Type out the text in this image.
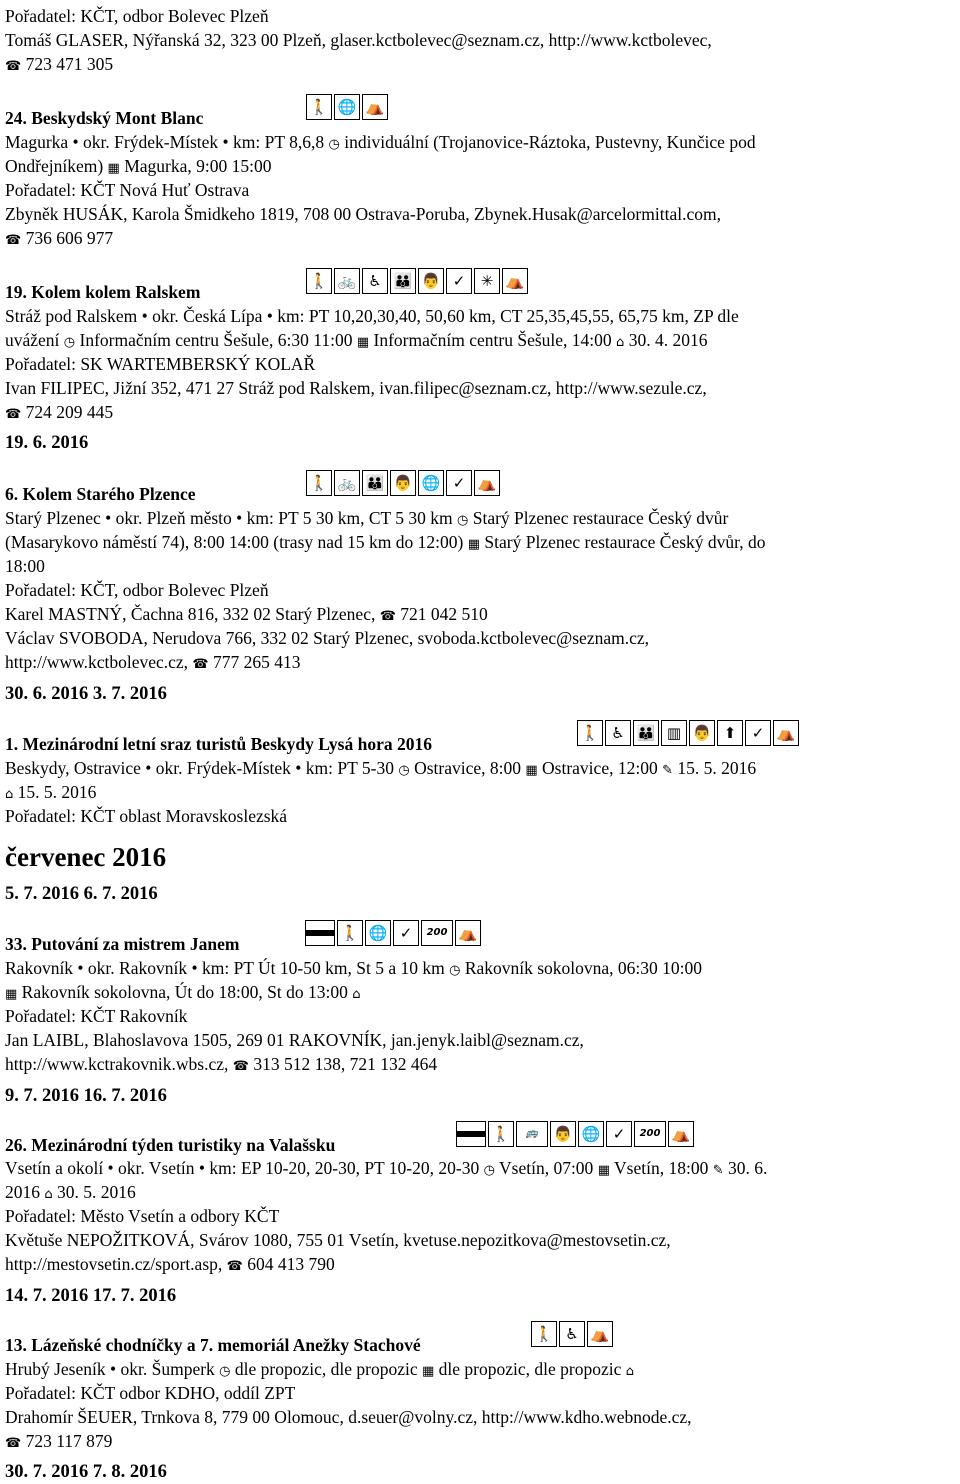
Pořadatel: KČT, odbor Bolevec Plzeň
Tomáš GLASER, Nýřanská 32, 323 00 Plzeň, glaser.kctbolevec@seznam.cz, http://www.kctbolevec,
☎ 723 471 305
24. Beskydský Mont Blanc
🚶 🌐 ⛺
Magurka • okr. Frýdek-Místek • km: PT 8,6,8 ◷ individuální (Trojanovice-Ráztoka, Pustevny, Kunčice pod
Ondřejníkem) ▦ Magurka, 9:00 15:00
Pořadatel: KČT Nová Huť Ostrava
Zbyněk HUSÁK, Karola Šmidkeho 1819, 708 00 Ostrava-Poruba, Zbynek.Husak@arcelormittal.com,
☎ 736 606 977
19. Kolem kolem Ralskem
🚶 🚲 ♿ 👪 👨 ✓	✳ ⛺
Stráž pod Ralskem • okr. Česká Lípa • km: PT 10,20,30,40, 50,60 km, CT 25,35,45,55, 65,75 km, ZP dle
uvážení ◷ Informačním centru Šešule, 6:30 11:00 ▦ Informačním centru Šešule, 14:00 ⌂ 30. 4. 2016
Pořadatel: SK WARTEMBERSKÝ KOLAŘ
Ivan FILIPEC, Jižní 352, 471 27 Stráž pod Ralskem, ivan.filipec@seznam.cz, http://www.sezule.cz,
☎ 724 209 445
19. 6. 2016
6. Kolem Starého Plzence
🚶 🚲 👪 👨 🌐 ✓ ⛺
Starý Plzenec • okr. Plzeň město • km: PT 5 30 km, CT 5 30 km ◷ Starý Plzenec restaurace Český dvůr
(Masarykovo náměstí 74), 8:00 14:00 (trasy nad 15 km do 12:00) ▦ Starý Plzenec restaurace Český dvůr, do
18:00
Pořadatel: KČT, odbor Bolevec Plzeň
Karel MASTNÝ, Čachna 816, 332 02 Starý Plzenec, ☎ 721 042 510
Václav SVOBODA, Nerudova 766, 332 02 Starý Plzenec, svoboda.kctbolevec@seznam.cz,
http://www.kctbolevec.cz, ☎ 777 265 413
30. 6. 2016 3. 7. 2016
1. Mezinárodní letní sraz turistů Beskydy Lysá hora 2016
🚶 ♿ 👪 ▥ 👨 ⬆	✓ ⛺
Beskydy, Ostravice • okr. Frýdek-Místek • km: PT 5-30 ◷ Ostravice, 8:00 ▦ Ostravice, 12:00 ✎ 15. 5. 2016
⌂ 15. 5. 2016
Pořadatel: KČT oblast Moravskoslezská
červenec 2016
5. 7. 2016 6. 7. 2016
33. Putování za mistrem Janem
🚶 🌐 ✓	200 ⛺
Rakovník • okr. Rakovník • km: PT Út 10-50 km, St 5 a 10 km ◷ Rakovník sokolovna, 06:30 10:00
▦ Rakovník sokolovna, Út do 18:00, St do 13:00 ⌂
Pořadatel: KČT Rakovník
Jan LAIBL, Blahoslavova 1505, 269 01 RAKOVNÍK, jan.jenyk.laibl@seznam.cz,
http://www.kctrakovnik.wbs.cz, ☎ 313 512 138, 721 132 464
9. 7. 2016 16. 7. 2016
26. Mezinárodní týden turistiky na Valašsku
🚶	🚌	👨 🌐 ✓	200 ⛺
Vsetín a okolí • okr. Vsetín • km: EP 10-20, 20-30, PT 10-20, 20-30 ◷ Vsetín, 07:00 ▦ Vsetín, 18:00 ✎ 30. 6.
2016 ⌂ 30. 5. 2016
Pořadatel: Město Vsetín a odbory KČT
Květuše NEPOŽITKOVÁ, Svárov 1080, 755 01 Vsetín, kvetuse.nepozitkova@mestovsetin.cz,
http://mestovsetin.cz/sport.asp, ☎ 604 413 790
14. 7. 2016 17. 7. 2016
13. Lázeňské chodníčky a 7. memoriál Anežky Stachové
🚶 ♿ ⛺
Hrubý Jeseník • okr. Šumperk ◷ dle propozic, dle propozic ▦ dle propozic, dle propozic ⌂
Pořadatel: KČT odbor KDHO, oddíl ZPT
Drahomír ŠEUER, Trnkova 8, 779 00 Olomouc, d.seuer@volny.cz, http://www.kdho.webnode.cz,
☎ 723 117 879
30. 7. 2016 7. 8. 2016
